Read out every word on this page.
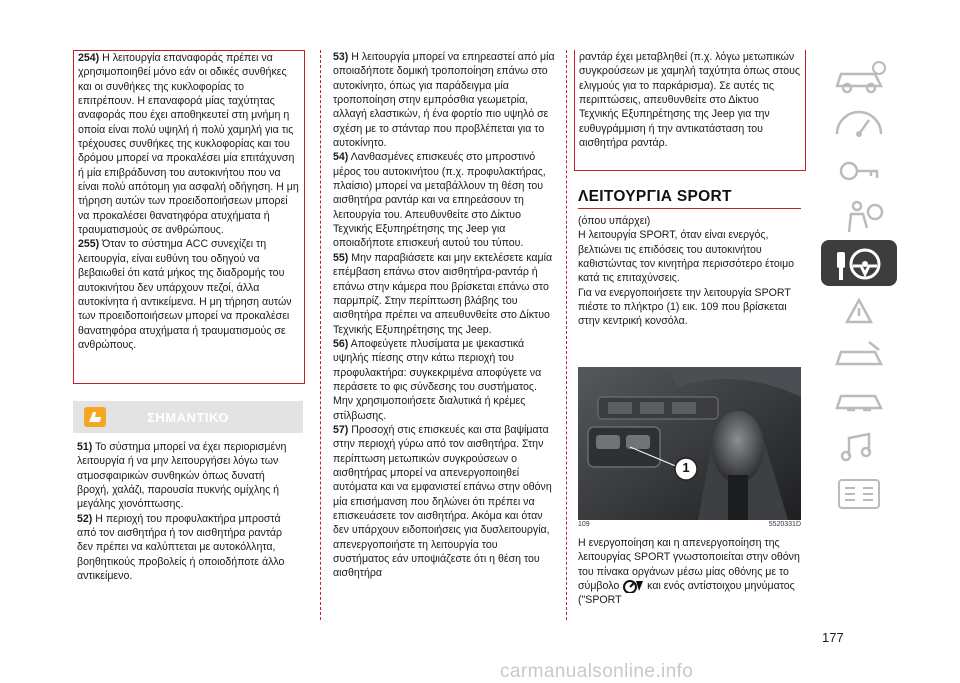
254) Η λειτουργία επαναφοράς πρέπει να χρησιμοποιηθεί μόνο εάν οι οδικές συνθήκες και οι συνθήκες της κυκλοφορίας το επιτρέπουν. Η επαναφορά μίας ταχύτητας αναφοράς που έχει αποθηκευτεί στη μνήμη η οποία είναι πολύ υψηλή ή πολύ χαμηλή για τις τρέχουσες συνθήκες της κυκλοφορίας και του δρόμου μπορεί να προκαλέσει μία επιτάχυνση ή μία επιβράδυνση του αυτοκινήτου που να είναι πολύ απότομη για ασφαλή οδήγηση. Η μη τήρηση αυτών των προειδοποιήσεων μπορεί να προκαλέσει θανατηφόρα ατυχήματα ή τραυματισμούς σε ανθρώπους.

255) Όταν το σύστημα ACC συνεχίζει τη λειτουργία, είναι ευθύνη του οδηγού να βεβαιωθεί ότι κατά μήκος της διαδρομής του αυτοκινήτου δεν υπάρχουν πεζοί, άλλα αυτοκίνητα ή αντικείμενα. Η μη τήρηση αυτών των προειδοποιήσεων μπορεί να προκαλέσει θανατηφόρα ατυχήματα ή τραυματισμούς σε ανθρώπους.

ΣΗΜΑΝΤΙΚΟ

51) Το σύστημα μπορεί να έχει περιορισμένη λειτουργία ή να μην λειτουργήσει λόγω των ατμοσφαιρικών συνθηκών όπως δυνατή βροχή, χαλάζι, παρουσία πυκνής ομίχλης ή μεγάλης χιονόπτωσης.

52) Η περιοχή του προφυλακτήρα μπροστά από τον αισθητήρα ή τον αισθητήρα ραντάρ δεν πρέπει να καλύπτεται με αυτοκόλλητα, βοηθητικούς προβολείς ή οποιοδήποτε άλλο αντικείμενο.

53) Η λειτουργία μπορεί να επηρεαστεί από μία οποιαδήποτε δομική τροποποίηση επάνω στο αυτοκίνητο, όπως για παράδειγμα μία τροποποίηση στην εμπρόσθια γεωμετρία, αλλαγή ελαστικών, ή ένα φορτίο πιο υψηλό σε σχέση με το στάνταρ που προβλέπεται για το αυτοκίνητο.

54) Λανθασμένες επισκευές στο μπροστινό μέρος του αυτοκινήτου (π.χ. προφυλακτήρας, πλαίσιο) μπορεί να μεταβάλλουν τη θέση του αισθητήρα ραντάρ και να επηρεάσουν τη λειτουργία του. Απευθυνθείτε στο Δίκτυο Τεχνικής Εξυπηρέτησης της Jeep για οποιαδήποτε επισκευή αυτού του τύπου.

55) Μην παραβιάσετε και μην εκτελέσετε καμία επέμβαση επάνω στον αισθητήρα-ραντάρ ή επάνω στην κάμερα που βρίσκεται επάνω στο παρμπρίζ. Στην περίπτωση βλάβης του αισθητήρα πρέπει να απευθυνθείτε στο Δίκτυο Τεχνικής Εξυπηρέτησης της Jeep.

56) Αποφεύγετε πλυσίματα με ψεκαστικά υψηλής πίεσης στην κάτω περιοχή του προφυλακτήρα: συγκεκριμένα αποφύγετε να περάσετε το φις σύνδεσης του συστήματος. Μην χρησιμοποιήσετε διαλυτικά ή κρέμες στίλβωσης.

57) Προσοχή στις επισκευές και στα βαψίματα στην περιοχή γύρω από τον αισθητήρα. Στην περίπτωση μετωπικών συγκρούσεων ο αισθητήρας μπορεί να απενεργοποιηθεί αυτόματα και να εμφανιστεί επάνω στην οθόνη μία επισήμανση που δηλώνει ότι πρέπει να επισκευάσετε τον αισθητήρα. Ακόμα και όταν δεν υπάρχουν ειδοποιήσεις για δυσλειτουργία, απενεργοποιήστε τη λειτουργία του συστήματος εάν υποψιάζεστε ότι η θέση του αισθητήρα

ραντάρ έχει μεταβληθεί (π.χ. λόγω μετωπικών συγκρούσεων με χαμηλή ταχύτητα όπως στους ελιγμούς για το παρκάρισμα). Σε αυτές τις περιπτώσεις, απευθυνθείτε στο Δίκτυο Τεχνικής Εξυπηρέτησης της Jeep για την ευθυγράμμιση ή την αντικατάσταση του αισθητήρα ραντάρ.

ΛΕΙΤΟΥΡΓΙΑ SPORT

(όπου υπάρχει)

Η λειτουργία SPORT, όταν είναι ενεργός, βελτιώνει τις επιδόσεις του αυτοκινήτου καθιστώντας τον κινητήρα περισσότερο έτοιμο κατά τις επιταχύνσεις.

Για να ενεργοποιήσετε την λειτουργία SPORT πιέστε το πλήκτρο (1) εικ. 109 που βρίσκεται στην κεντρική κονσόλα.

1
109	5520331D

Η ενεργοποίηση και η απενεργοποίηση της λειτουργίας SPORT γνωστοποιείται στην οθόνη του πίνακα οργάνων μέσω μίας οθόνης με το σύμβολο	και ενός αντίστοιχου μηνύματος ("SPORT

177
carmanualsonline.info
